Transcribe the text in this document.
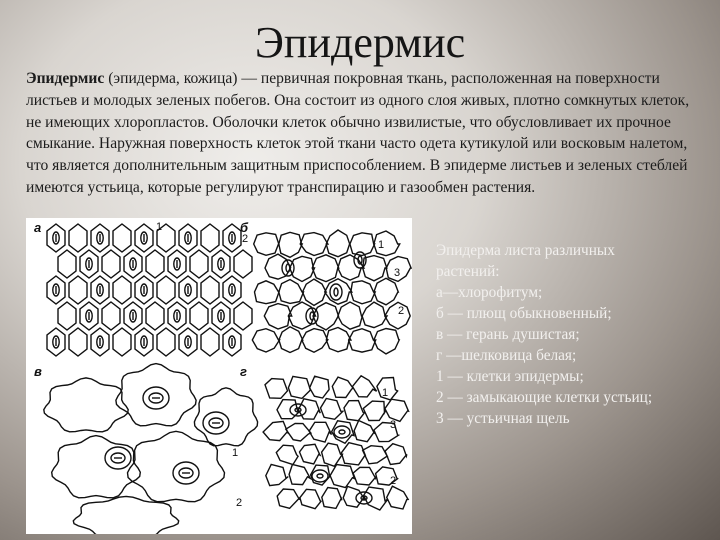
Эпидермис
Эпидермис (эпидерма, кожица) — первичная покровная ткань, расположенная на поверхности листьев и молодых зеленых побегов. Она состоит из одного слоя живых, плотно сомкнутых клеток, не имеющих хлоропластов. Оболочки клеток обычно извилистые, что обусловливает их прочное смыкание. Наружная поверхность клеток этой ткани часто одета кутикулой или восковым налетом, что является дополнительным защитным приспособлением. В эпидерме листьев и зеленых стеблей имеются устьица, которые регулируют транспирацию и газообмен растения.
а	б
в	г
1
2	1
3
2
1
2
1
3
2
Эпидерма листа различных
растений:
а—хлорофитум;
б — плющ обыкновенный;
в — герань душистая;
г —шелковица белая;
1 — клетки эпидермы;
2 — замыкающие клетки устьиц;
3 — устьичная щель
